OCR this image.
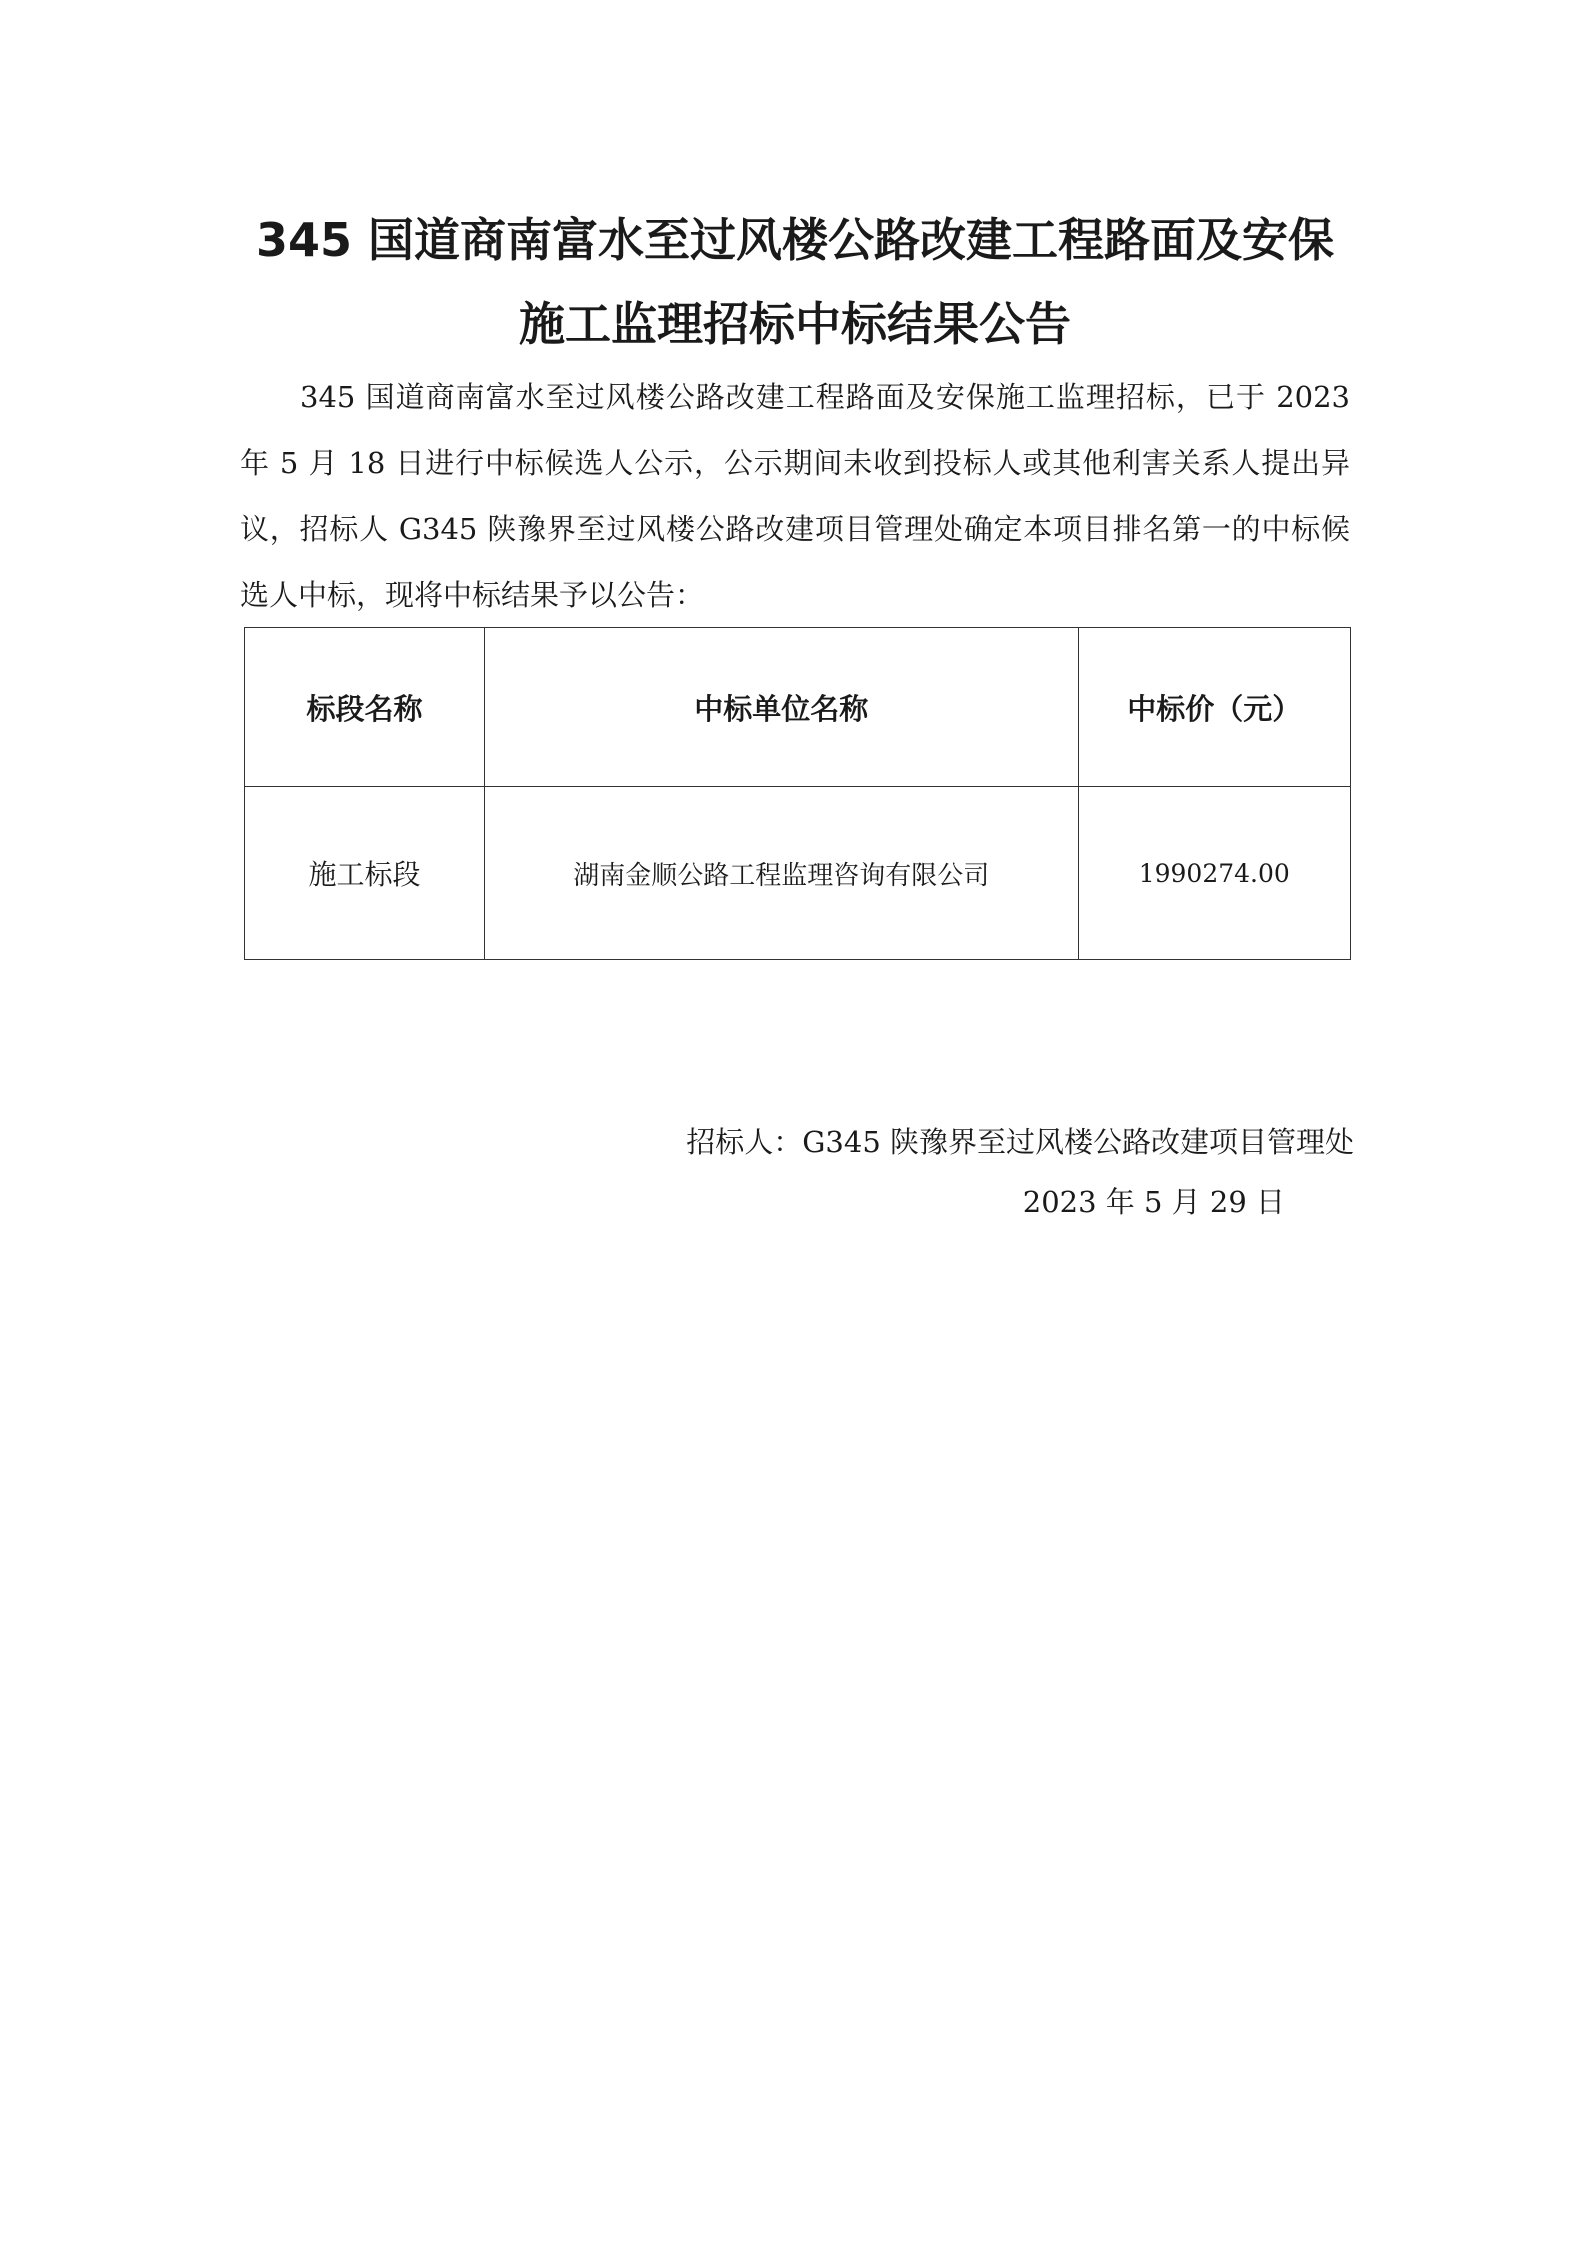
345 国道商南富水至过风楼公路改建工程路面及安保施工监理招标中标结果公告

345 国道商南富水至过风楼公路改建工程路面及安保施工监理招标，已于 2023 年 5 月 18 日进行中标候选人公示，公示期间未收到投标人或其他利害关系人提出异议，招标人 G345 陕豫界至过风楼公路改建项目管理处确定本项目排名第一的中标候选人中标，现将中标结果予以公告：

标段名称	中标单位名称	中标价（元）
施工标段	湖南金顺公路工程监理咨询有限公司	1990274.00
招标人：G345 陕豫界至过风楼公路改建项目管理处
2023 年 5 月 29 日
